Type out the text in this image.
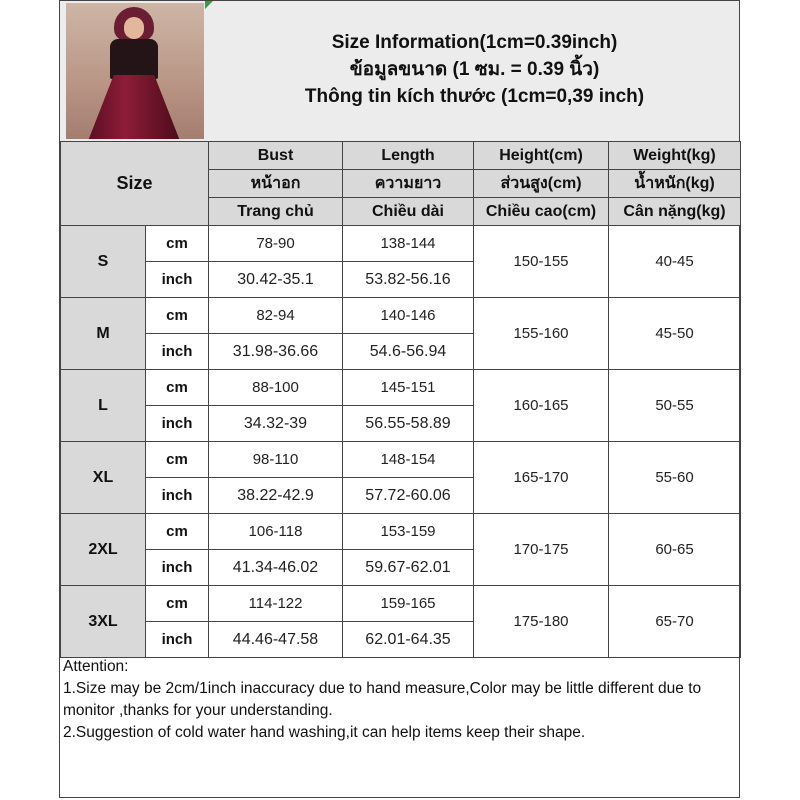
Size Information(1cm=0.39inch)
ข้อมูลขนาด (1 ซม. = 0.39 นิ้ว)
Thông tin kích thước (1cm=0,39 inch)
Size		Bust	Length	Height(cm)	Weight(kg)
		หน้าอก	ความยาว	ส่วนสูง(cm)	น้ำหนัก(kg)
		Trang chủ	Chiều dài	Chiều cao(cm)	Cân nặng(kg)
S	cm	78-90	138-144	150-155	40-45
	inch	30.42-35.1	53.82-56.16		
M	cm	82-94	140-146	155-160	45-50
	inch	31.98-36.66	54.6-56.94		
L	cm	88-100	145-151	160-165	50-55
	inch	34.32-39	56.55-58.89		
XL	cm	98-110	148-154	165-170	55-60
	inch	38.22-42.9	57.72-60.06		
2XL	cm	106-118	153-159	170-175	60-65
	inch	41.34-46.02	59.67-62.01		
3XL	cm	114-122	159-165	175-180	65-70
	inch	44.46-47.58	62.01-64.35		
Attention:
1.Size may be 2cm/1inch inaccuracy due to hand measure,Color may be little different due to monitor ,thanks for your understanding.
2.Suggestion of cold water hand washing,it can help items keep their shape.
